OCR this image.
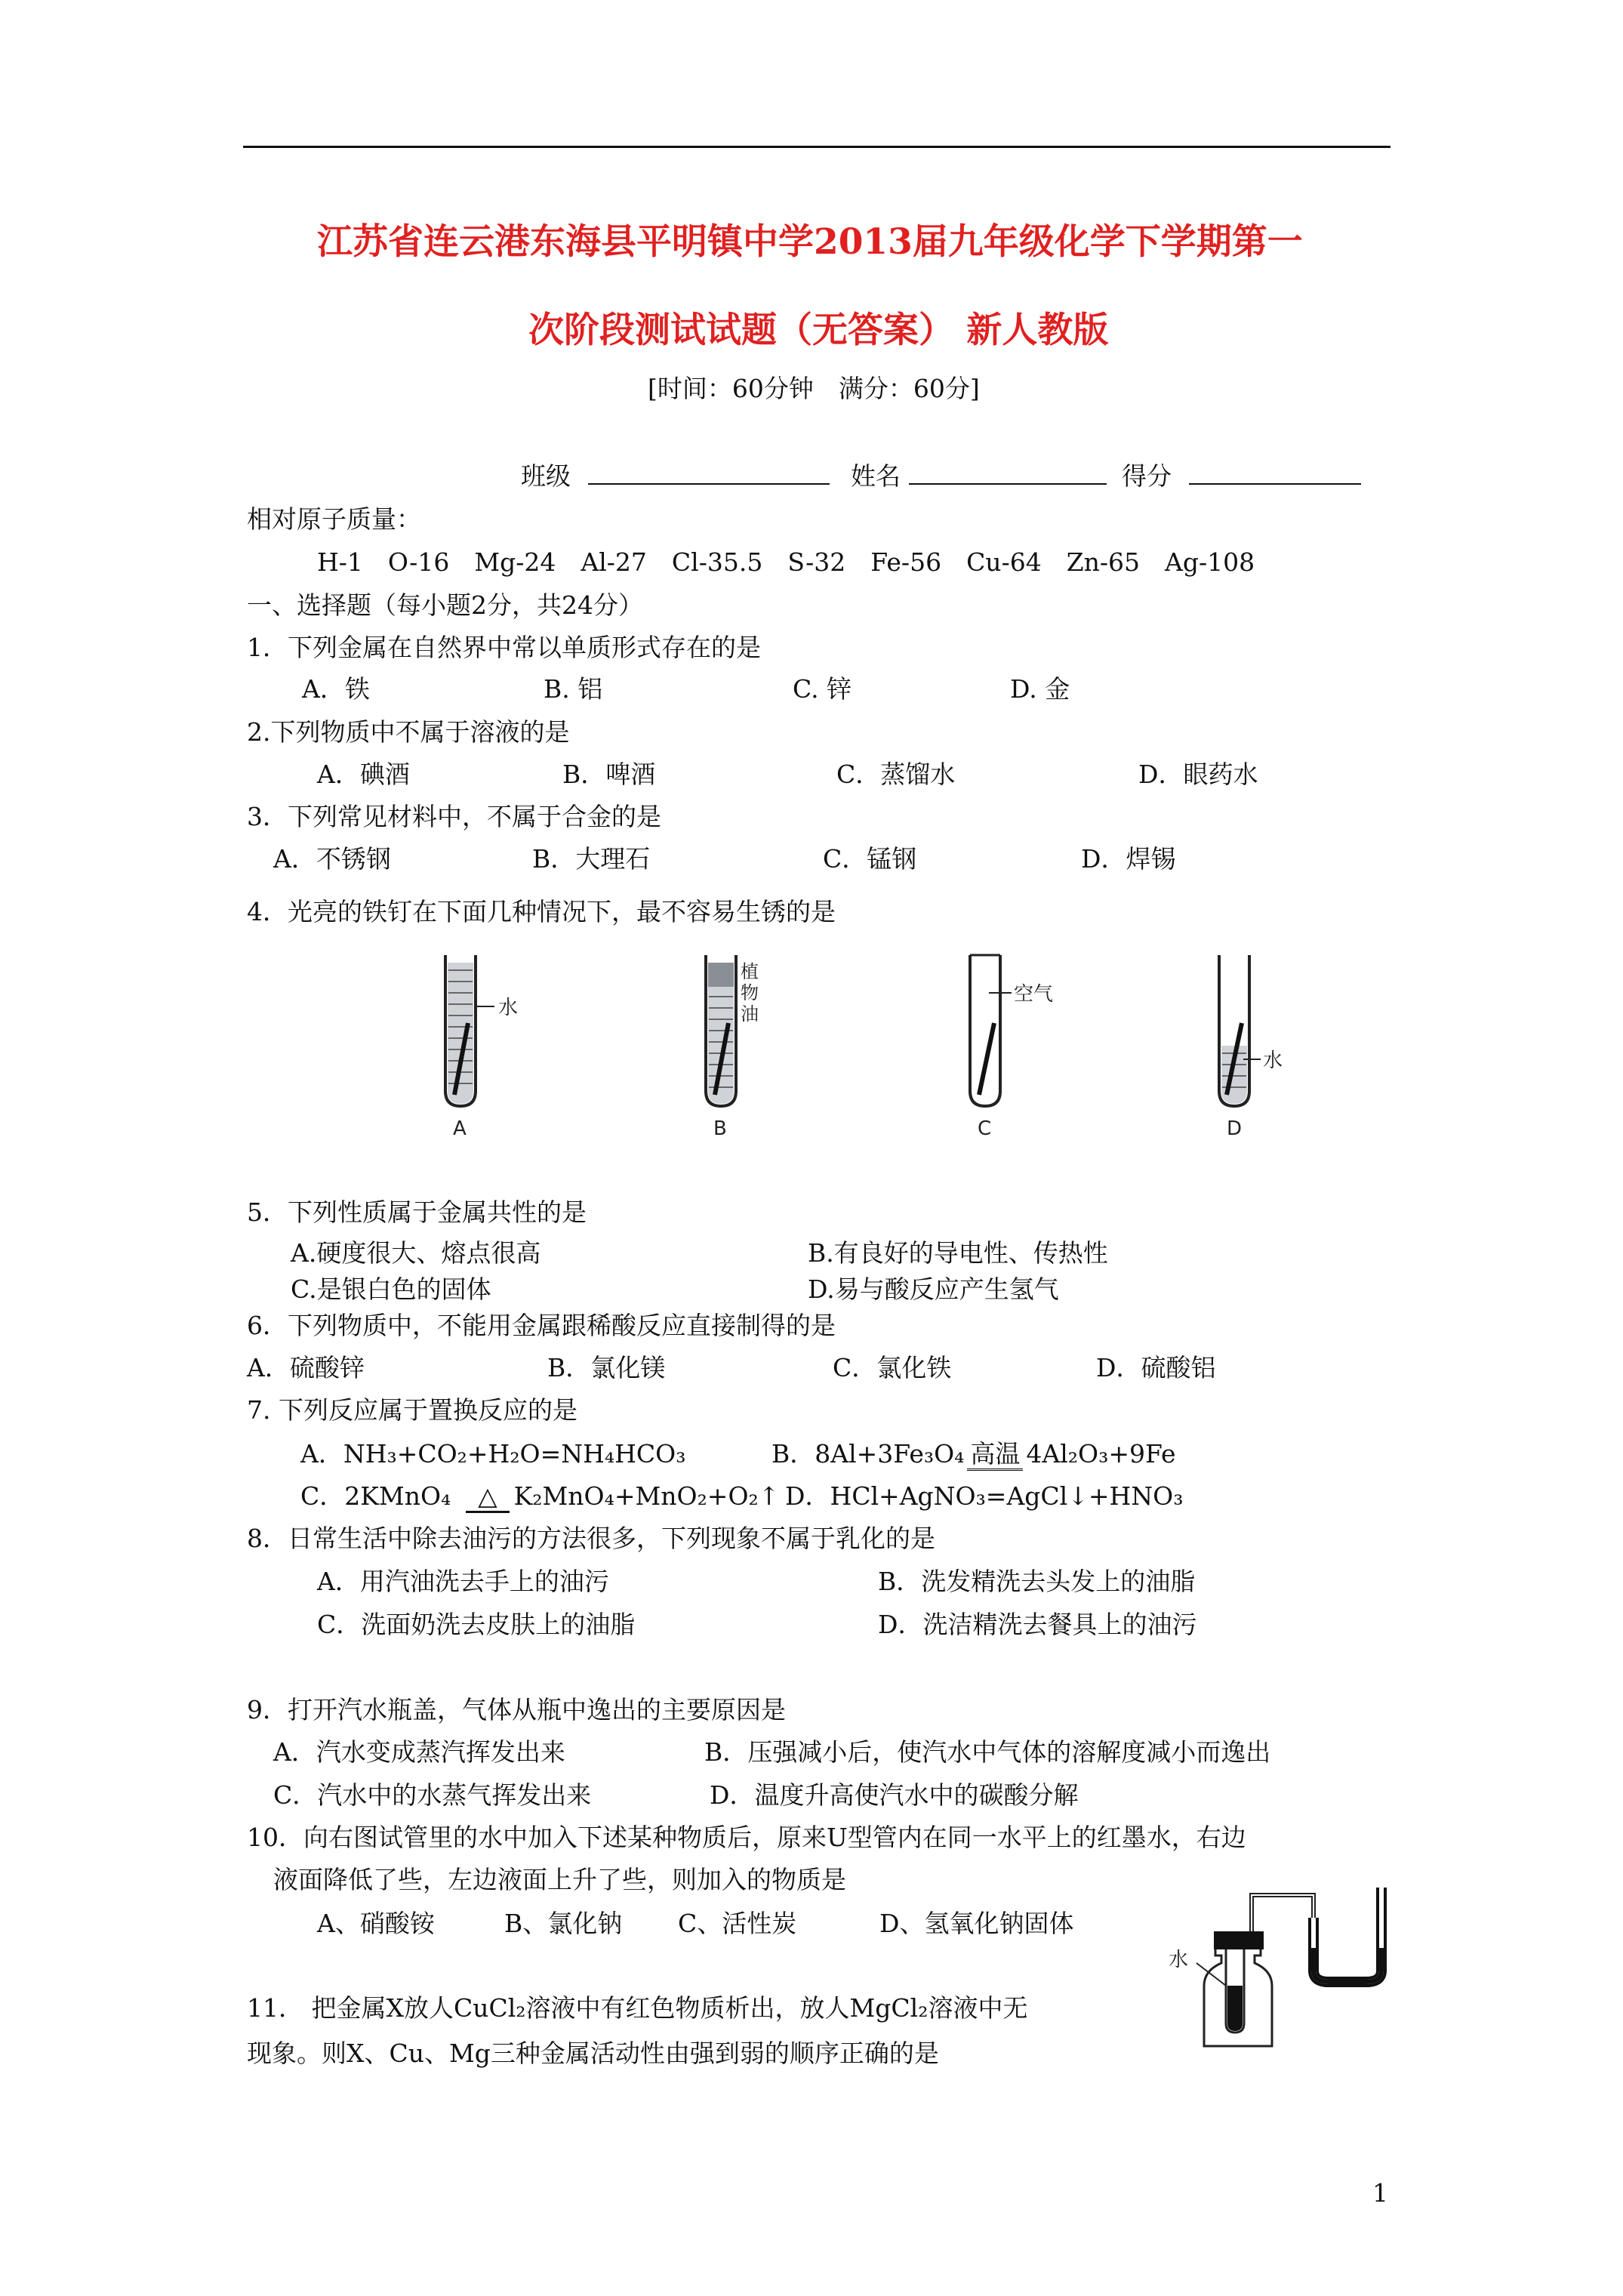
江苏省连云港东海县平明镇中学2013届九年级化学下学期第一
次阶段测试试题（无答案） 新人教版
[时间：60分钟　满分：60分]
班级	姓名	得分
相对原子质量：
H-1　O-16　Mg-24　Al-27　Cl-35.5　S-32　Fe-56　Cu-64　Zn-65　Ag-108
一、选择题（每小题2分，共24分）
1．下列金属在自然界中常以单质形式存在的是
A．铁	B. 铝	C. 锌	D. 金
2.下列物质中不属于溶液的是
A．碘酒	B．啤酒	C．蒸馏水	D．眼药水
3．下列常见材料中，不属于合金的是
A．不锈钢	B．大理石	C．锰钢	D．焊锡
4．光亮的铁钉在下面几种情况下，最不容易生锈的是
水
A
植
物
油
B
空气
C
水
D
5．下列性质属于金属共性的是
A.硬度很大、熔点很高	B.有良好的导电性、传热性
C.是银白色的固体	D.易与酸反应产生氢气
6．下列物质中，不能用金属跟稀酸反应直接制得的是
A．硫酸锌	B．氯化镁	C．氯化铁	D．硫酸铝
7. 下列反应属于置换反应的是
A．NH₃+CO₂+H₂O=NH₄HCO₃	B．8Al+3Fe₃O₄ 高温 4Al₂O₃+9Fe
C．2KMnO₄ △ K₂MnO₄+MnO₂+O₂↑ D．HCl+AgNO₃=AgCl↓+HNO₃
8．日常生活中除去油污的方法很多，下列现象不属于乳化的是
A．用汽油洗去手上的油污	B．洗发精洗去头发上的油脂
C．洗面奶洗去皮肤上的油脂	D．洗洁精洗去餐具上的油污
9．打开汽水瓶盖，气体从瓶中逸出的主要原因是
A．汽水变成蒸汽挥发出来	B．压强减小后，使汽水中气体的溶解度减小而逸出
C．汽水中的水蒸气挥发出来	D．温度升高使汽水中的碳酸分解
10．向右图试管里的水中加入下述某种物质后，原来U型管内在同一水平上的红墨水，右边
液面降低了些，左边液面上升了些，则加入的物质是
A、硝酸铵	B、氯化钠 C、活性炭	D、氢氧化钠固体
水
11． 把金属X放人CuCl₂溶液中有红色物质析出，放人MgCl₂溶液中无
现象。则X、Cu、Mg三种金属活动性由强到弱的顺序正确的是
1
